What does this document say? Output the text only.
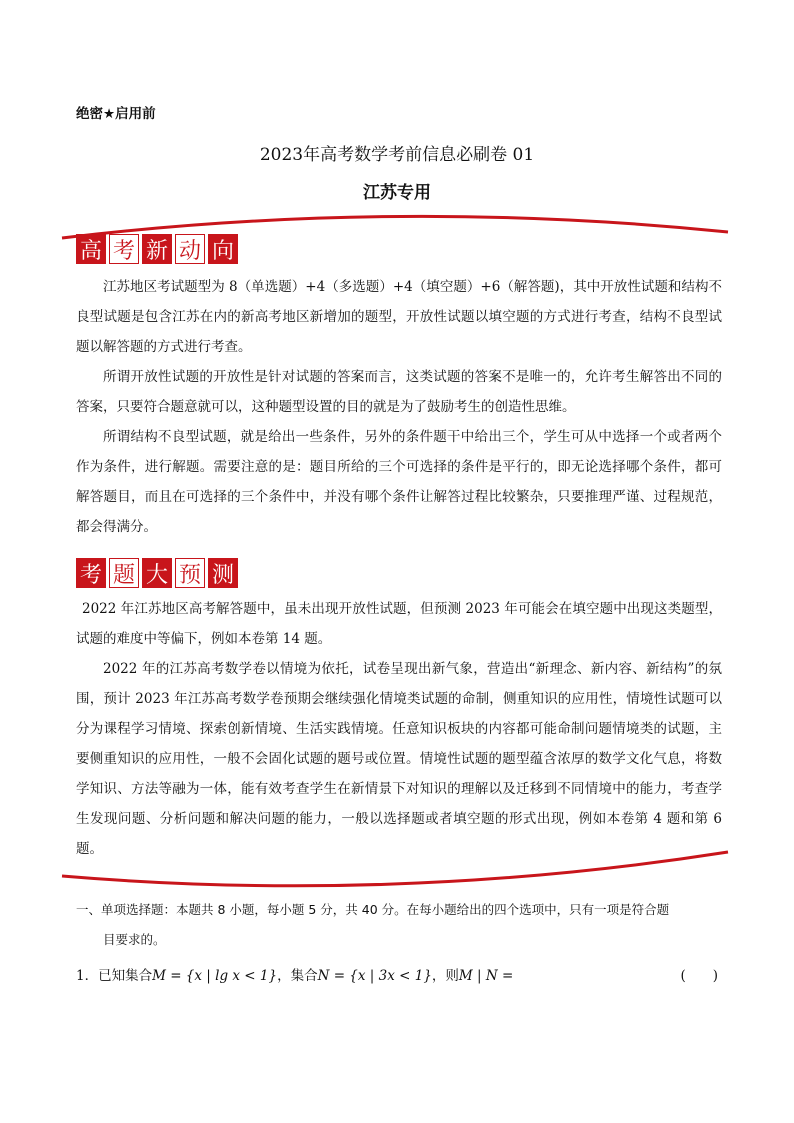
绝密★启用前
2023年高考数学考前信息必刷卷 01
江苏专用
高 考 新 动 向

江苏地区考试题型为 8（单选题）+4（多选题）+4（填空题）+6（解答题)，其中开放性试题和结构不良型试题是包含江苏在内的新高考地区新增加的题型，开放性试题以填空题的方式进行考查，结构不良型试题以解答题的方式进行考查。

所谓开放性试题的开放性是针对试题的答案而言，这类试题的答案不是唯一的，允许考生解答出不同的答案，只要符合题意就可以，这种题型设置的目的就是为了鼓励考生的创造性思维。

所谓结构不良型试题，就是给出一些条件，另外的条件题干中给出三个，学生可从中选择一个或者两个作为条件，进行解题。需要注意的是：题目所给的三个可选择的条件是平行的，即无论选择哪个条件，都可解答题目，而且在可选择的三个条件中，并没有哪个条件让解答过程比较繁杂，只要推理严谨、过程规范，都会得满分。

考 题 大 预 测

2022 年江苏地区高考解答题中，虽未出现开放性试题，但预测 2023 年可能会在填空题中出现这类题型，试题的难度中等偏下，例如本卷第 14 题。

2022 年的江苏高考数学卷以情境为依托，试卷呈现出新气象，营造出“新理念、新内容、新结构”的氛围，预计 2023 年江苏高考数学卷预期会继续强化情境类试题的命制，侧重知识的应用性，情境性试题可以分为课程学习情境、探索创新情境、生活实践情境。任意知识板块的内容都可能命制问题情境类的试题，主要侧重知识的应用性，一般不会固化试题的题号或位置。情境性试题的题型蕴含浓厚的数学文化气息，将数学知识、方法等融为一体，能有效考查学生在新情景下对知识的理解以及迁移到不同情境中的能力，考查学生发现问题、分析问题和解决问题的能力，一般以选择题或者填空题的形式出现，例如本卷第 4 题和第 6 题。

一、单项选择题：本题共 8 小题，每小题 5 分，共 40 分。在每小题给出的四个选项中，只有一项是符合题
目要求的。
1．已知集合M = {x | lg x < 1}，集合N = {x | 3x < 1}，则M | N =	(　　)
